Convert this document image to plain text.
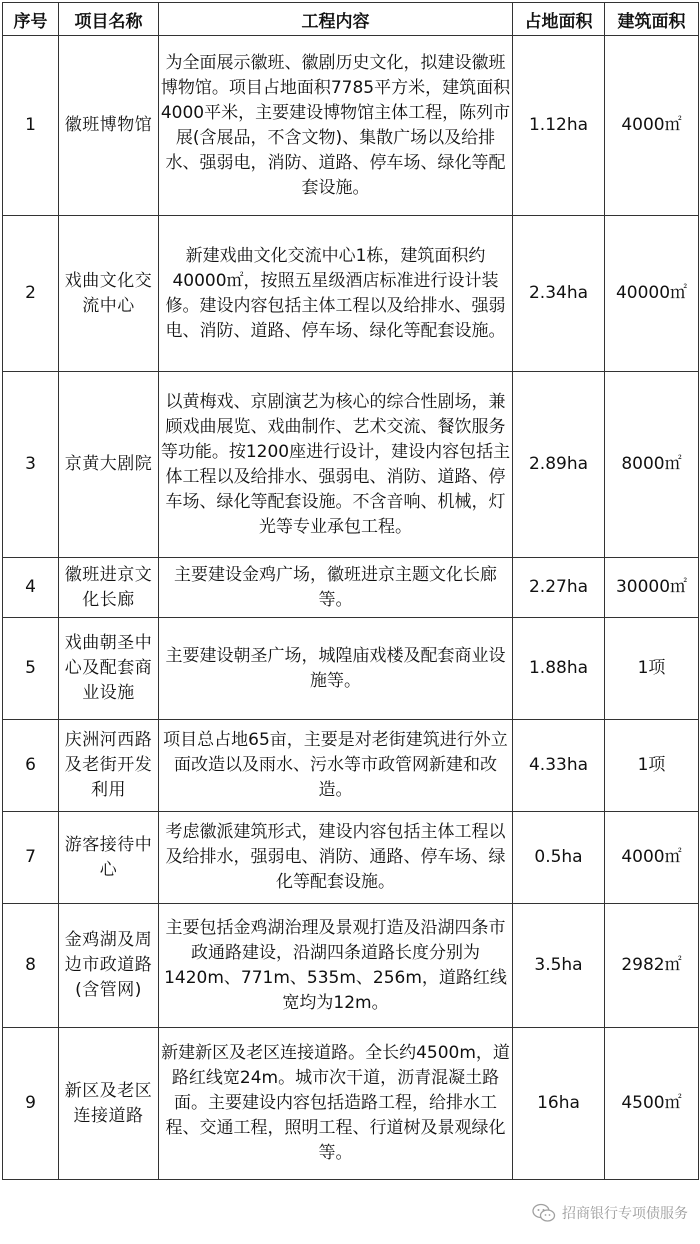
序号	项目名称	工程内容	占地面积	建筑面积
1	徽班博物馆	为全面展示徽班、徽剧历史文化，拟建设徽班博物馆。项目占地面积7785平方米，建筑面积4000平米，主要建设博物馆主体工程，陈列市展(含展品，不含文物)、集散广场以及给排水、强弱电，消防、道路、停车场、绿化等配套设施。	1.12ha	4000㎡
2	戏曲文化交流中心	新建戏曲文化交流中心1栋，建筑面积约40000㎡，按照五星级酒店标准进行设计装修。建设内容包括主体工程以及给排水、强弱电、消防、道路、停车场、绿化等配套设施。	2.34ha	40000㎡
3	京黄大剧院	以黄梅戏、京剧演艺为核心的综合性剧场，兼顾戏曲展览、戏曲制作、艺术交流、餐饮服务等功能。按1200座进行设计，建设内容包括主体工程以及给排水、强弱电、消防、道路、停车场、绿化等配套设施。不含音响、机械，灯光等专业承包工程。	2.89ha	8000㎡
4	徽班进京文化长廊	主要建设金鸡广场，徽班进京主题文化长廊等。	2.27ha	30000㎡
5	戏曲朝圣中心及配套商业设施	主要建设朝圣广场，城隍庙戏楼及配套商业设施等。	1.88ha	1项
6	庆洲河西路及老街开发利用	项目总占地65亩，主要是对老街建筑进行外立面改造以及雨水、污水等市政管网新建和改造。	4.33ha	1项
7	游客接待中心	考虑徽派建筑形式，建设内容包括主体工程以及给排水，强弱电、消防、通路、停车场、绿化等配套设施。	0.5ha	4000㎡
8	金鸡湖及周边市政道路(含管网)	主要包括金鸡湖治理及景观打造及沿湖四条市政通路建设，沿湖四条道路长度分别为1420m、771m、535m、256m，道路红线宽均为12m。	3.5ha	2982㎡
9	新区及老区连接道路	新建新区及老区连接道路。全长约4500m，道路红线宽24m。城市次干道，沥青混凝土路面。主要建设内容包括造路工程，给排水工程、交通工程，照明工程、行道树及景观绿化等。	16ha	4500㎡
招商银行专项债服务
